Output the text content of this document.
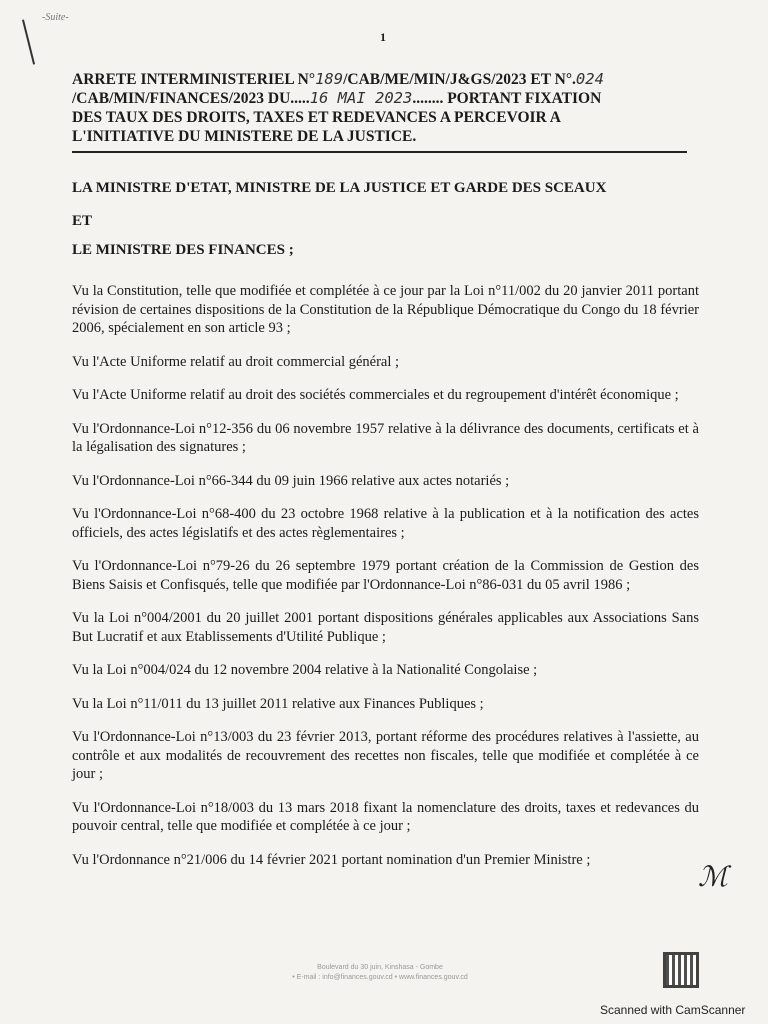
-Suite-
1
ARRETE INTERMINISTERIEL N°189/CAB/ME/MIN/J&GS/2023 ET N°.024
/CAB/MIN/FINANCES/2023 DU.....16 MAI 2023........ PORTANT FIXATION
DES TAUX DES DROITS, TAXES ET REDEVANCES A PERCEVOIR A
L'INITIATIVE DU MINISTERE DE LA JUSTICE.
LA MINISTRE D'ETAT, MINISTRE DE LA JUSTICE ET GARDE DES SCEAUX
ET
LE MINISTRE DES FINANCES ;

Vu la Constitution, telle que modifiée et complétée à ce jour par la Loi n°11/002 du 20 janvier 2011 portant révision de certaines dispositions de la Constitution de la République Démocratique du Congo du 18 février 2006, spécialement en son article 93 ;

Vu l'Acte Uniforme relatif au droit commercial général ;

Vu l'Acte Uniforme relatif au droit des sociétés commerciales et du regroupement d'intérêt économique ;

Vu l'Ordonnance-Loi n°12-356 du 06 novembre 1957 relative à la délivrance des documents, certificats et à la légalisation des signatures ;

Vu l'Ordonnance-Loi n°66-344 du 09 juin 1966 relative aux actes notariés ;

Vu l'Ordonnance-Loi n°68-400 du 23 octobre 1968 relative à la publication et à la notification des actes officiels, des actes législatifs et des actes règlementaires ;

Vu l'Ordonnance-Loi n°79-26 du 26 septembre 1979 portant création de la Commission de Gestion des Biens Saisis et Confisqués, telle que modifiée par l'Ordonnance-Loi n°86-031 du 05 avril 1986 ;

Vu la Loi n°004/2001 du 20 juillet 2001 portant dispositions générales applicables aux Associations Sans But Lucratif et aux Etablissements d'Utilité Publique ;

Vu la Loi n°004/024 du 12 novembre 2004 relative à la Nationalité Congolaise ;

Vu la Loi n°11/011 du 13 juillet 2011 relative aux Finances Publiques ;

Vu l'Ordonnance-Loi n°13/003 du 23 février 2013, portant réforme des procédures relatives à l'assiette, au contrôle et aux modalités de recouvrement des recettes non fiscales, telle que modifiée et complétée à ce jour ;

Vu l'Ordonnance-Loi n°18/003 du 13 mars 2018 fixant la nomenclature des droits, taxes et redevances du pouvoir central, telle que modifiée et complétée à ce jour ;

Vu l'Ordonnance n°21/006 du 14 février 2021 portant nomination d'un Premier Ministre ;

ℳ
Boulevard du 30 juin, Kinshasa - Gombe
• E-mail : info@finances.gouv.cd • www.finances.gouv.cd
Scanned with CamScanner
